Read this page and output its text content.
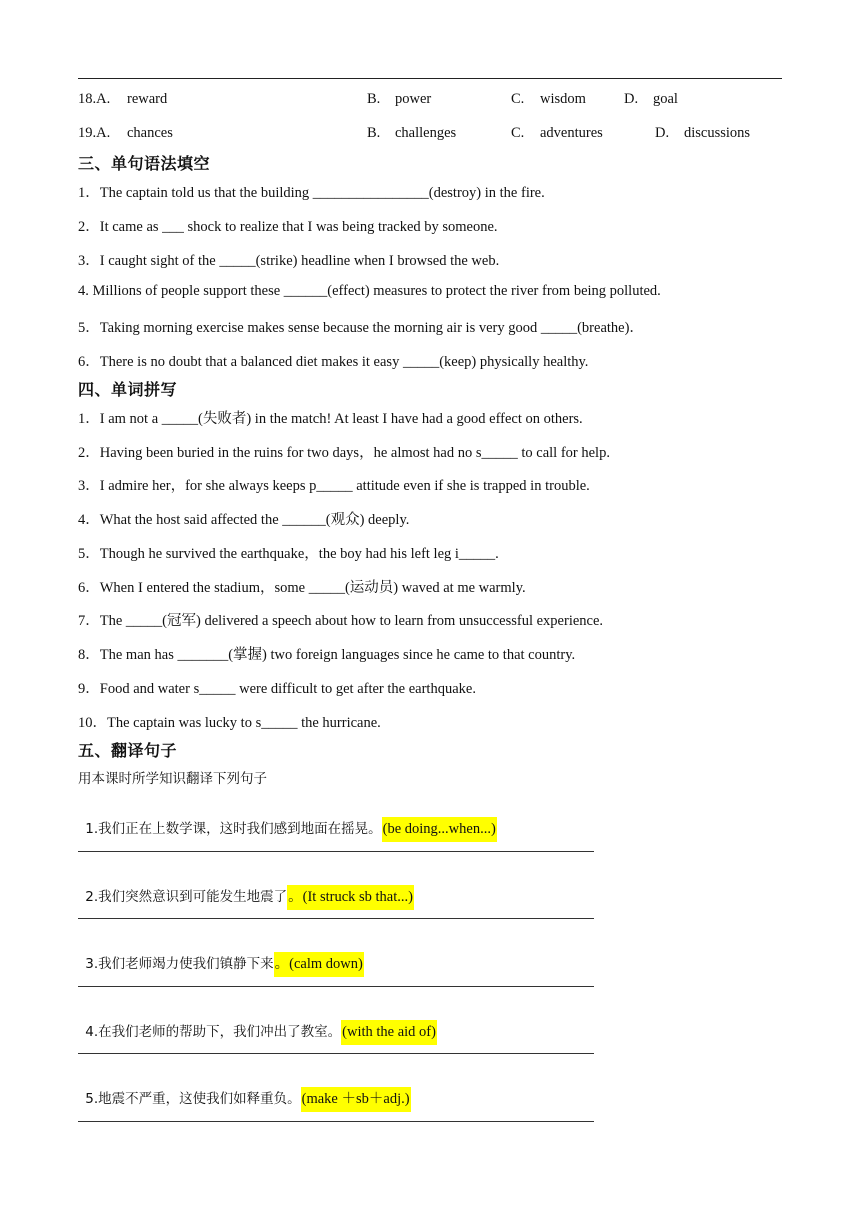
18.A. reward	B. power	C. wisdom	D. goal
19.A. chances	B. challenges	C. adventures	D. discussions
三、单句语法填空
1．The captain told us that the building ________________(destroy) in the fire.
2．It came as ___ shock to realize that I was being tracked by someone.
3．I caught sight of the _____(strike) headline when I browsed the web.
4. Millions of people support these ______(effect) measures to protect the river from being polluted.
5．Taking morning exercise makes sense because the morning air is very good _____(breathe)．
6．There is no doubt that a balanced diet makes it easy _____(keep) physically healthy.
四、单词拼写
1．I am not a _____(失败者) in the match! At least I have had a good effect on others.
2．Having been buried in the ruins for two days，he almost had no s_____ to call for help.
3．I admire her，for she always keeps p_____ attitude even if she is trapped in trouble.
4．What the host said affected the ______(观众) deeply.
5．Though he survived the earthquake，the boy had his left leg i_____.
6．When I entered the stadium，some _____(运动员) waved at me warmly.
7．The _____(冠军) delivered a speech about how to learn from unsuccessful experience.
8．The man has _______(掌握) two foreign languages since he came to that country.
9．Food and water s_____ were difficult to get after the earthquake.
10．The captain was lucky to s_____ the hurricane.
五、翻译句子
用本课时所学知识翻译下列句子

1.我们正在上数学课，这时我们感到地面在摇晃。(be doing...when...)

2.我们突然意识到可能发生地震了。(It struck sb that...)

3.我们老师竭力使我们镇静下来。(calm down)

4.在我们老师的帮助下，我们冲出了教室。(with the aid of)

5.地震不严重，这使我们如释重负。(make ＋sb＋adj.)
